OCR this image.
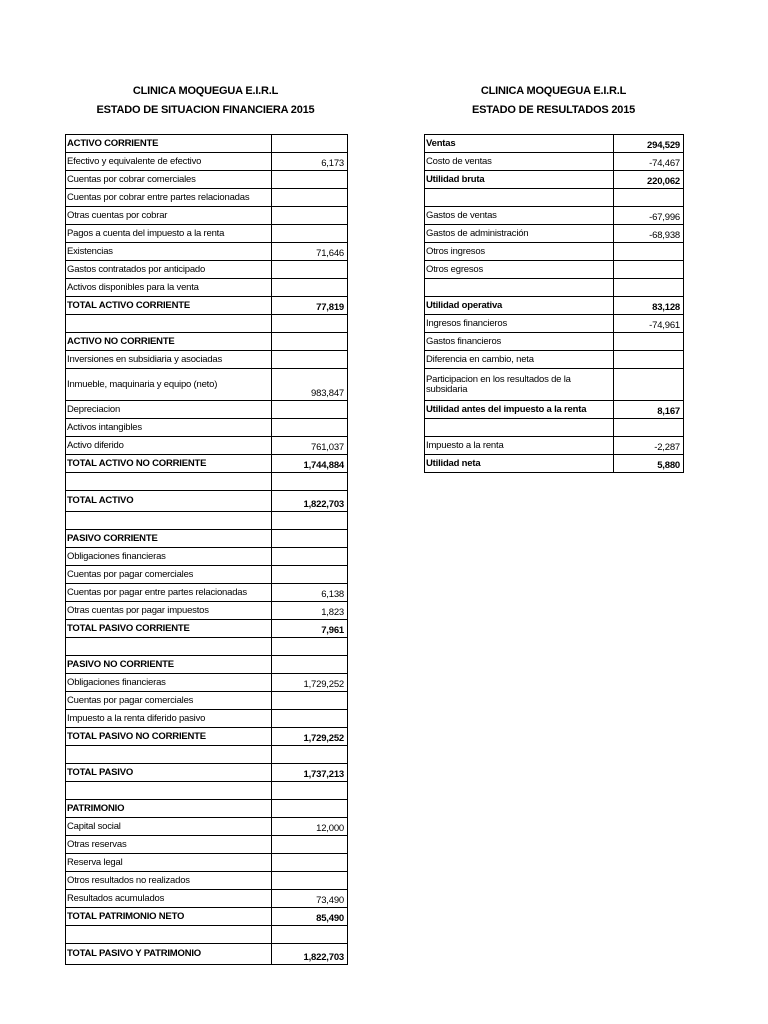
CLINICA MOQUEGUA E.I.R.L
ESTADO DE SITUACION FINANCIERA 2015
CLINICA MOQUEGUA E.I.R.L
ESTADO DE RESULTADOS 2015
ACTIVO CORRIENTE	
Efectivo y equivalente de efectivo	6,173
Cuentas por cobrar comerciales	
Cuentas por cobrar entre partes relacionadas	
Otras cuentas por cobrar	
Pagos a cuenta del impuesto a la renta	
Existencias	71,646
Gastos contratados por anticipado	
Activos disponibles para la venta	
TOTAL ACTIVO CORRIENTE	77,819

ACTIVO NO CORRIENTE	
Inversiones en subsidiaria y asociadas	
Inmueble, maquinaria y equipo (neto)	983,847
Depreciacion	
Activos intangibles	
Activo diferido	761,037
TOTAL ACTIVO NO CORRIENTE	1,744,884

TOTAL ACTIVO	1,822,703

PASIVO CORRIENTE	
Obligaciones financieras	
Cuentas por pagar comerciales	
Cuentas por pagar entre partes relacionadas	6,138
Otras cuentas por pagar impuestos	1,823
TOTAL PASIVO CORRIENTE	7,961

PASIVO NO CORRIENTE	
Obligaciones financieras	1,729,252
Cuentas por pagar comerciales	
Impuesto a la renta diferido pasivo	
TOTAL PASIVO NO CORRIENTE	1,729,252

TOTAL PASIVO	1,737,213

PATRIMONIO	
Capital social	12,000
Otras reservas	
Reserva legal	
Otros resultados no realizados	
Resultados acumulados	73,490
TOTAL PATRIMONIO NETO	85,490

TOTAL PASIVO Y PATRIMONIO	1,822,703
Ventas	294,529
Costo de ventas	-74,467
Utilidad bruta	220,062

Gastos de ventas	-67,996
Gastos de administración	-68,938
Otros ingresos	
Otros egresos	

Utilidad operativa	83,128
Ingresos financieros	-74,961
Gastos financieros	
Diferencia en cambio, neta	
Participacion en los resultados de la subsidaria	
Utilidad antes del impuesto a la renta	8,167

Impuesto a la renta	-2,287
Utilidad neta	5,880
